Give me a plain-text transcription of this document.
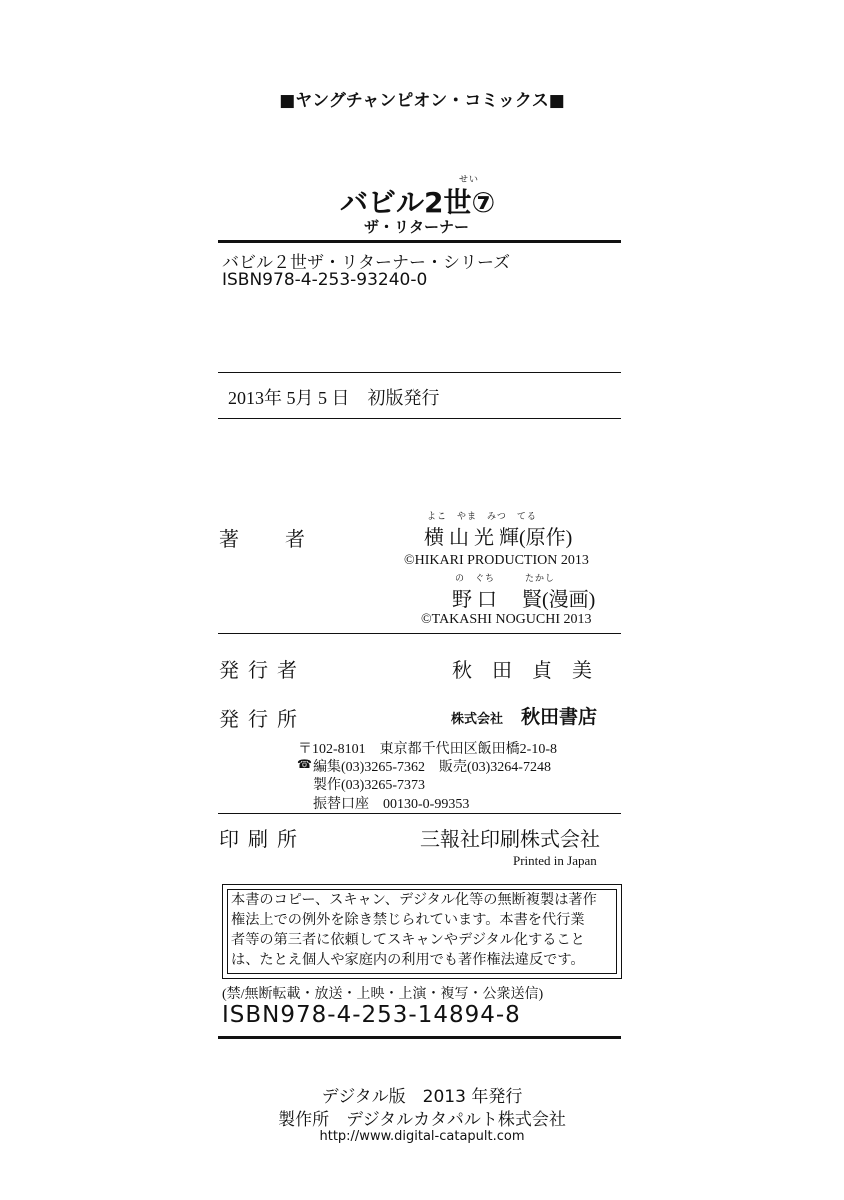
■ヤングチャンピオン・コミックス■
せい
バビル2世⑦
ザ・リターナー
バビル２世ザ・リターナー・シリーズ
ISBN978-4-253-93240-0
2013年 5月 5 日　初版発行
著　　者
よこ　やま　みつ　てる
横 山 光 輝(原作)
©HIKARI PRODUCTION 2013
の　ぐち　　　たかし
野 口　 賢(漫画)
©TAKASHI NOGUCHI 2013
発 行 者	秋　田　貞　美
発 行 所	株式会社 秋田書店
〒102-8101　東京都千代田区飯田橋2-10-8
☎ 編集(03)3265-7362　販売(03)3264-7248
製作(03)3265-7373
振替口座　00130-0-99353
印 刷 所	三報社印刷株式会社
Printed in Japan
本書のコピー、スキャン、デジタル化等の無断複製は著作
権法上での例外を除き禁じられています。本書を代行業
者等の第三者に依頼してスキャンやデジタル化すること
は、たとえ個人や家庭内の利用でも著作権法違反です。
(禁/無断転載・放送・上映・上演・複写・公衆送信)
ISBN978-4-253-14894-8
デジタル版　2013 年発行
製作所　デジタルカタパルト株式会社
http://www.digital-catapult.com
